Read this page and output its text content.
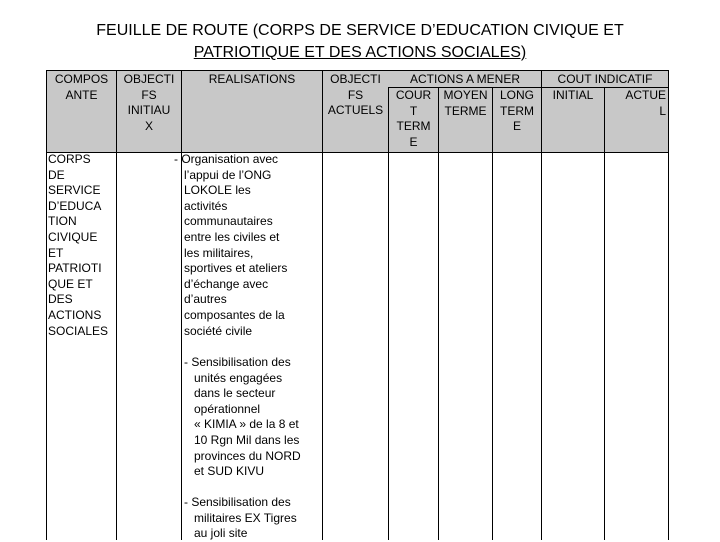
FEUILLE DE ROUTE (CORPS DE SERVICE D’EDUCATION CIVIQUE ET
PATRIOTIQUE ET DES ACTIONS SOCIALES)
COMPOS
ANTE
OBJECTI
FS
INITIAU
X
REALISATIONS	OBJECTI
FS
ACTUELS
ACTIONS A MENER
COUR
T
TERM
E
MOYEN
TERME
LONG
TERM
E
COUT INDICATIF
INITIAL	ACTUE
L
CORPS
DE
SERVICE
D’EDUCA
TION
CIVIQUE
ET
PATRIOTI
QUE ET
DES
ACTIONS
SOCIALES
- Organisation avec
l’appui de l’ONG
LOKOLE les
activités
communautaires
entre les civiles et
les militaires,
sportives et ateliers
d’échange avec
d’autres
composantes de la
société civile
- Sensibilisation des
unités engagées
dans le secteur
opérationnel
« KIMIA » de la 8 et
10 Rgn Mil dans les
provinces du NORD
et SUD KIVU
- Sensibilisation des
militaires EX Tigres
au joli site
